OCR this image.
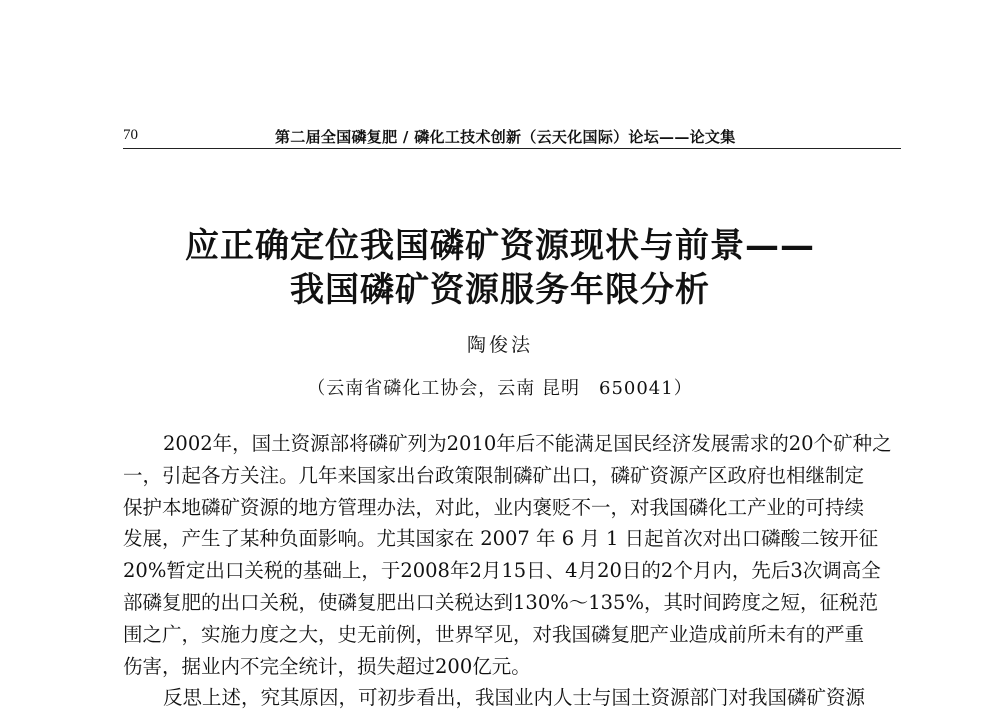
70	第二届全国磷复肥 / 磷化工技术创新（云天化国际）论坛——论文集
应正确定位我国磷矿资源现状与前景——
我国磷矿资源服务年限分析
陶俊法
（云南省磷化工协会，云南 昆明　650041）
2002年，国土资源部将磷矿列为2010年后不能满足国民经济发展需求的20个矿种之
一，引起各方关注。几年来国家出台政策限制磷矿出口，磷矿资源产区政府也相继制定
保护本地磷矿资源的地方管理办法，对此，业内褒贬不一，对我国磷化工产业的可持续
发展，产生了某种负面影响。尤其国家在 2007 年 6 月 1 日起首次对出口磷酸二铵开征
20%暂定出口关税的基础上，于2008年2月15日、4月20日的2个月内，先后3次调高全
部磷复肥的出口关税，使磷复肥出口关税达到130%～135%，其时间跨度之短，征税范
围之广，实施力度之大，史无前例，世界罕见，对我国磷复肥产业造成前所未有的严重
伤害，据业内不完全统计，损失超过200亿元。
反思上述，究其原因，可初步看出，我国业内人士与国土资源部门对我国磷矿资源
